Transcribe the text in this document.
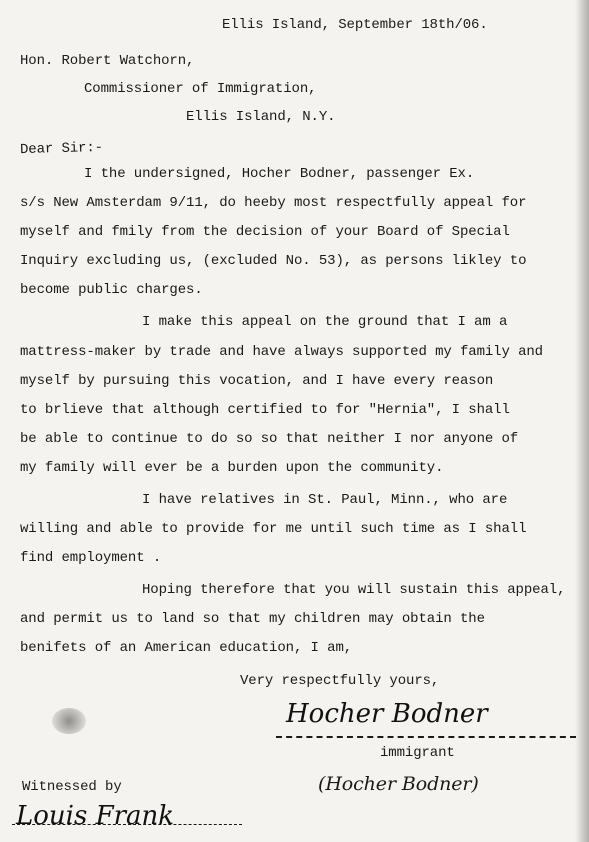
Ellis Island, September 18th/06.
Hon. Robert Watchorn,
Commissioner of Immigration,
Ellis Island, N.Y.
Dear Sir:-
I the undersigned, Hocher Bodner, passenger Ex.
s/s New Amsterdam 9/11, do heeby most respectfully appeal for
myself and fmily from the decision of your Board of Special
Inquiry excluding us, (excluded No. 53), as persons likley to
become public charges.
I make this appeal on the ground that I am a
mattress-maker by trade and have always supported my family and
myself by pursuing this vocation, and I have every reason
to brlieve that although certified to for "Hernia", I shall
be able to continue to do so so that neither I nor anyone of
my family will ever be a burden upon the community.
I have relatives in St. Paul, Minn., who are
willing and able to provide for me until such time as I shall
find employment .
Hoping therefore that you will sustain this appeal,
and permit us to land so that my children may obtain the
benifets of an American education, I am,
Very respectfully yours,
Hocher Bodner
immigrant
(Hocher Bodner)
Witnessed by
Louis Frank
